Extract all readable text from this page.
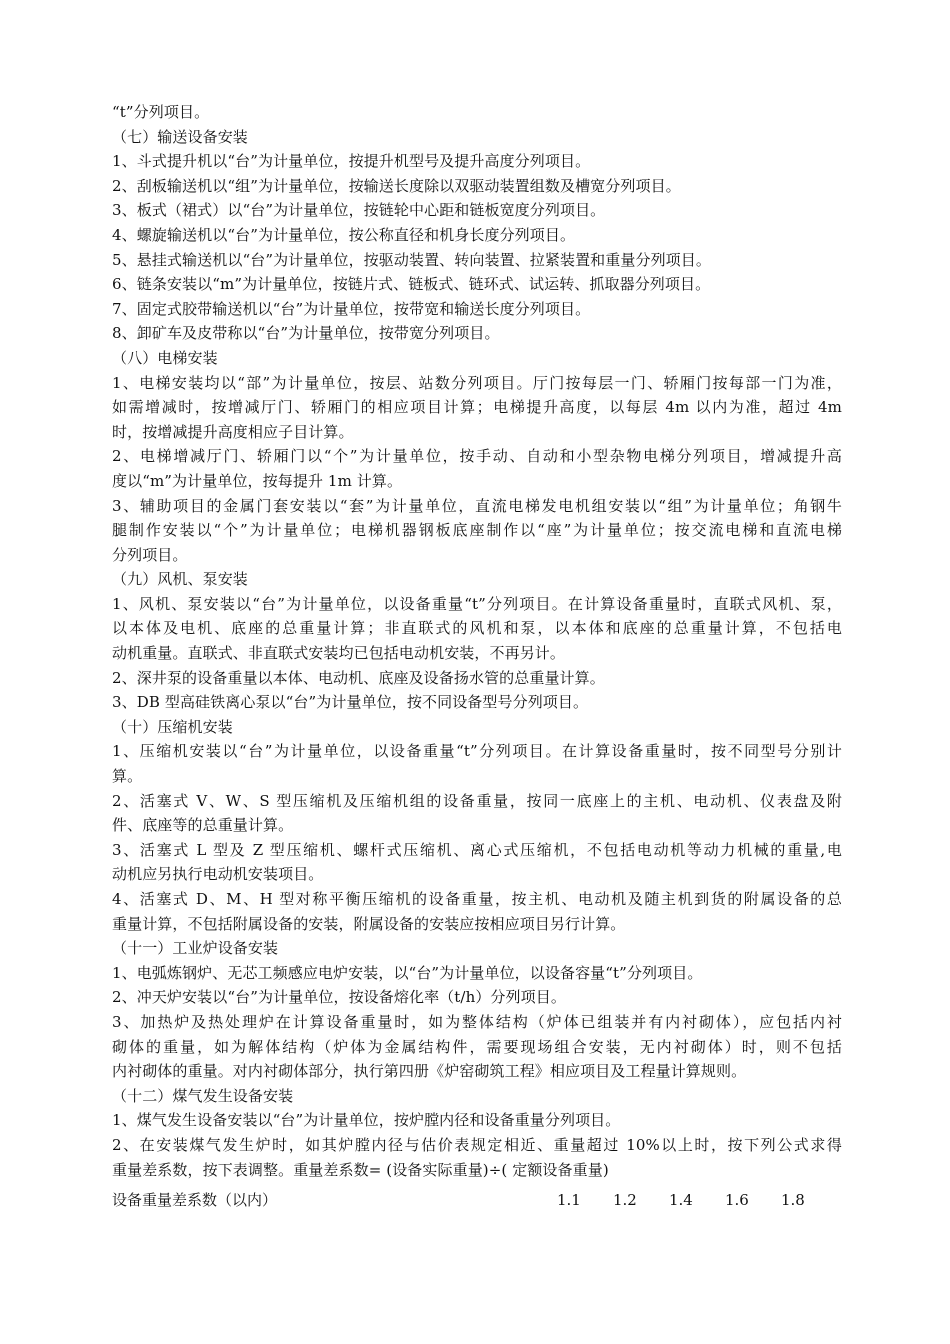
“t”分列项目。
（七）输送设备安装
1、斗式提升机以“台”为计量单位，按提升机型号及提升高度分列项目。
2、刮板输送机以“组”为计量单位，按输送长度除以双驱动装置组数及槽宽分列项目。
3、板式（裙式）以“台”为计量单位，按链轮中心距和链板宽度分列项目。
4、螺旋输送机以“台”为计量单位，按公称直径和机身长度分列项目。
5、悬挂式输送机以“台”为计量单位，按驱动装置、转向装置、拉紧装置和重量分列项目。
6、链条安装以“m”为计量单位，按链片式、链板式、链环式、试运转、抓取器分列项目。
7、固定式胶带输送机以“台”为计量单位，按带宽和输送长度分列项目。
8、卸矿车及皮带称以“台”为计量单位，按带宽分列项目。
（八）电梯安装
1、电梯安装均以“部”为计量单位，按层、站数分列项目。厅门按每层一门、轿厢门按每部一门为准，
如需增减时，按增减厅门、轿厢门的相应项目计算；电梯提升高度，以每层 4m 以内为准，超过 4m
时，按增减提升高度相应子目计算。
2、电梯增减厅门、轿厢门以“个”为计量单位，按手动、自动和小型杂物电梯分列项目，增减提升高
度以“m”为计量单位，按每提升 1m 计算。
3、辅助项目的金属门套安装以“套”为计量单位，直流电梯发电机组安装以“组”为计量单位；角钢牛
腿制作安装以“个”为计量单位；电梯机器钢板底座制作以“座”为计量单位；按交流电梯和直流电梯
分列项目。
（九）风机、泵安装
1、风机、泵安装以“台”为计量单位，以设备重量“t”分列项目。在计算设备重量时，直联式风机、泵，
以本体及电机、底座的总重量计算；非直联式的风机和泵，以本体和底座的总重量计算，不包括电
动机重量。直联式、非直联式安装均已包括电动机安装，不再另计。
2、深井泵的设备重量以本体、电动机、底座及设备扬水管的总重量计算。
3、DB 型高硅铁离心泵以“台”为计量单位，按不同设备型号分列项目。
（十）压缩机安装
1、压缩机安装以“台”为计量单位，以设备重量“t”分列项目。在计算设备重量时，按不同型号分别计
算。
2、活塞式 V、W、S 型压缩机及压缩机组的设备重量，按同一底座上的主机、电动机、仪表盘及附
件、底座等的总重量计算。
3、活塞式 L 型及 Z 型压缩机、螺杆式压缩机、离心式压缩机，不包括电动机等动力机械的重量,电
动机应另执行电动机安装项目。
4、活塞式 D、M、H 型对称平衡压缩机的设备重量，按主机、电动机及随主机到货的附属设备的总
重量计算，不包括附属设备的安装，附属设备的安装应按相应项目另行计算。
（十一）工业炉设备安装
1、电弧炼钢炉、无芯工频感应电炉安装，以“台”为计量单位，以设备容量“t”分列项目。
2、冲天炉安装以“台”为计量单位，按设备熔化率（t/h）分列项目。
3、加热炉及热处理炉在计算设备重量时，如为整体结构（炉体已组装并有内衬砌体），应包括内衬
砌体的重量，如为解体结构（炉体为金属结构件，需要现场组合安装，无内衬砌体）时，则不包括
内衬砌体的重量。对内衬砌体部分，执行第四册《炉窑砌筑工程》相应项目及工程量计算规则。
（十二）煤气发生设备安装
1、煤气发生设备安装以“台”为计量单位，按炉膛内径和设备重量分列项目。
2、在安装煤气发生炉时，如其炉膛内径与估价表规定相近、重量超过 10%以上时，按下列公式求得
重量差系数，按下表调整。重量差系数= (设备实际重量)÷( 定额设备重量)
设备重量差系数（以内）	1.1	1.2	1.4	1.6	1.8
